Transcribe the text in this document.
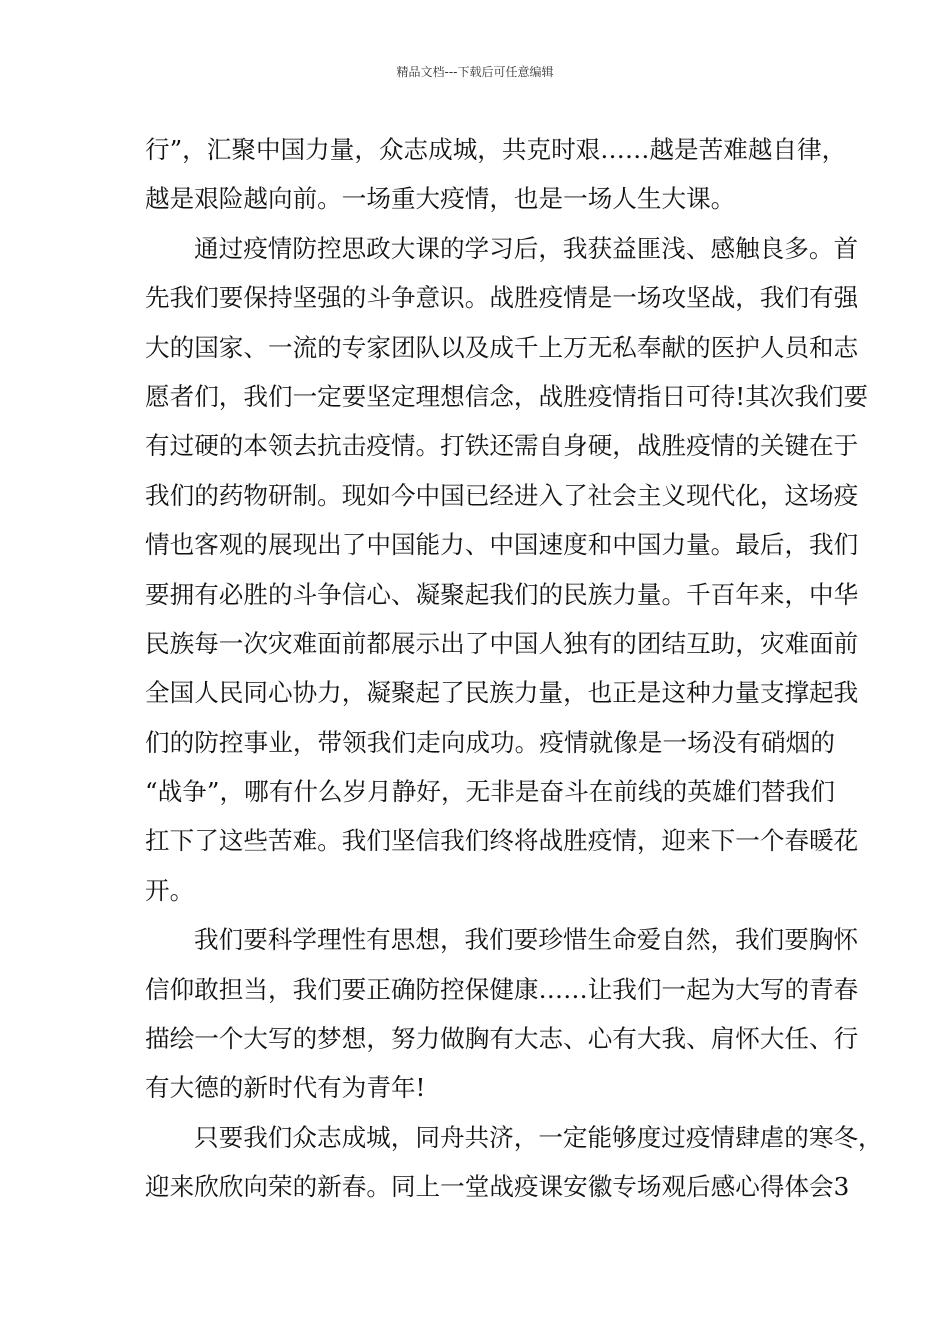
精品文档---下载后可任意编辑
行”，汇聚中国力量，众志成城，共克时艰……越是苦难越自律，
越是艰险越向前。一场重大疫情，也是一场人生大课。
通过疫情防控思政大课的学习后，我获益匪浅、感触良多。首
先我们要保持坚强的斗争意识。战胜疫情是一场攻坚战，我们有强
大的国家、一流的专家团队以及成千上万无私奉献的医护人员和志
愿者们，我们一定要坚定理想信念，战胜疫情指日可待!其次我们要
有过硬的本领去抗击疫情。打铁还需自身硬，战胜疫情的关键在于
我们的药物研制。现如今中国已经进入了社会主义现代化，这场疫
情也客观的展现出了中国能力、中国速度和中国力量。最后，我们
要拥有必胜的斗争信心、凝聚起我们的民族力量。千百年来，中华
民族每一次灾难面前都展示出了中国人独有的团结互助，灾难面前
全国人民同心协力，凝聚起了民族力量，也正是这种力量支撑起我
们的防控事业，带领我们走向成功。疫情就像是一场没有硝烟的
“战争”，哪有什么岁月静好，无非是奋斗在前线的英雄们替我们
扛下了这些苦难。我们坚信我们终将战胜疫情，迎来下一个春暖花
开。
我们要科学理性有思想，我们要珍惜生命爱自然，我们要胸怀
信仰敢担当，我们要正确防控保健康……让我们一起为大写的青春
描绘一个大写的梦想，努力做胸有大志、心有大我、肩怀大任、行
有大德的新时代有为青年!
只要我们众志成城，同舟共济，一定能够度过疫情肆虐的寒冬，
迎来欣欣向荣的新春。同上一堂战疫课安徽专场观后感心得体会3
